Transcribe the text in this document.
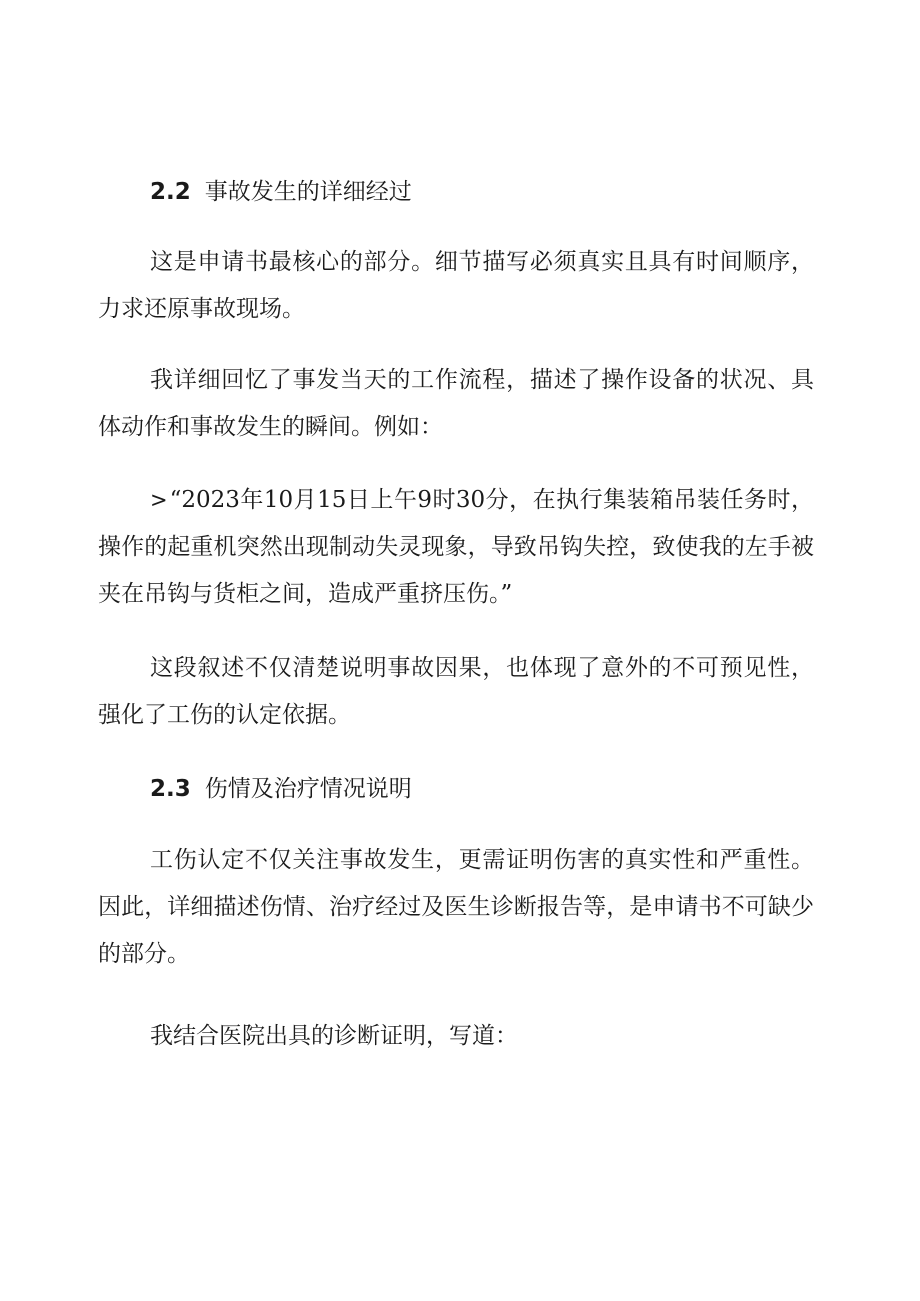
2.2 事故发生的详细经过
这是申请书最核心的部分。细节描写必须真实且具有时间顺序，力求还原事故现场。
我详细回忆了事发当天的工作流程，描述了操作设备的状况、具体动作和事故发生的瞬间。例如：
>“2023年10月15日上午9时30分，在执行集装箱吊装任务时，操作的起重机突然出现制动失灵现象，导致吊钩失控，致使我的左手被夹在吊钩与货柜之间，造成严重挤压伤。”
这段叙述不仅清楚说明事故因果，也体现了意外的不可预见性，强化了工伤的认定依据。
2.3 伤情及治疗情况说明
工伤认定不仅关注事故发生，更需证明伤害的真实性和严重性。因此，详细描述伤情、治疗经过及医生诊断报告等，是申请书不可缺少的部分。
我结合医院出具的诊断证明，写道：
